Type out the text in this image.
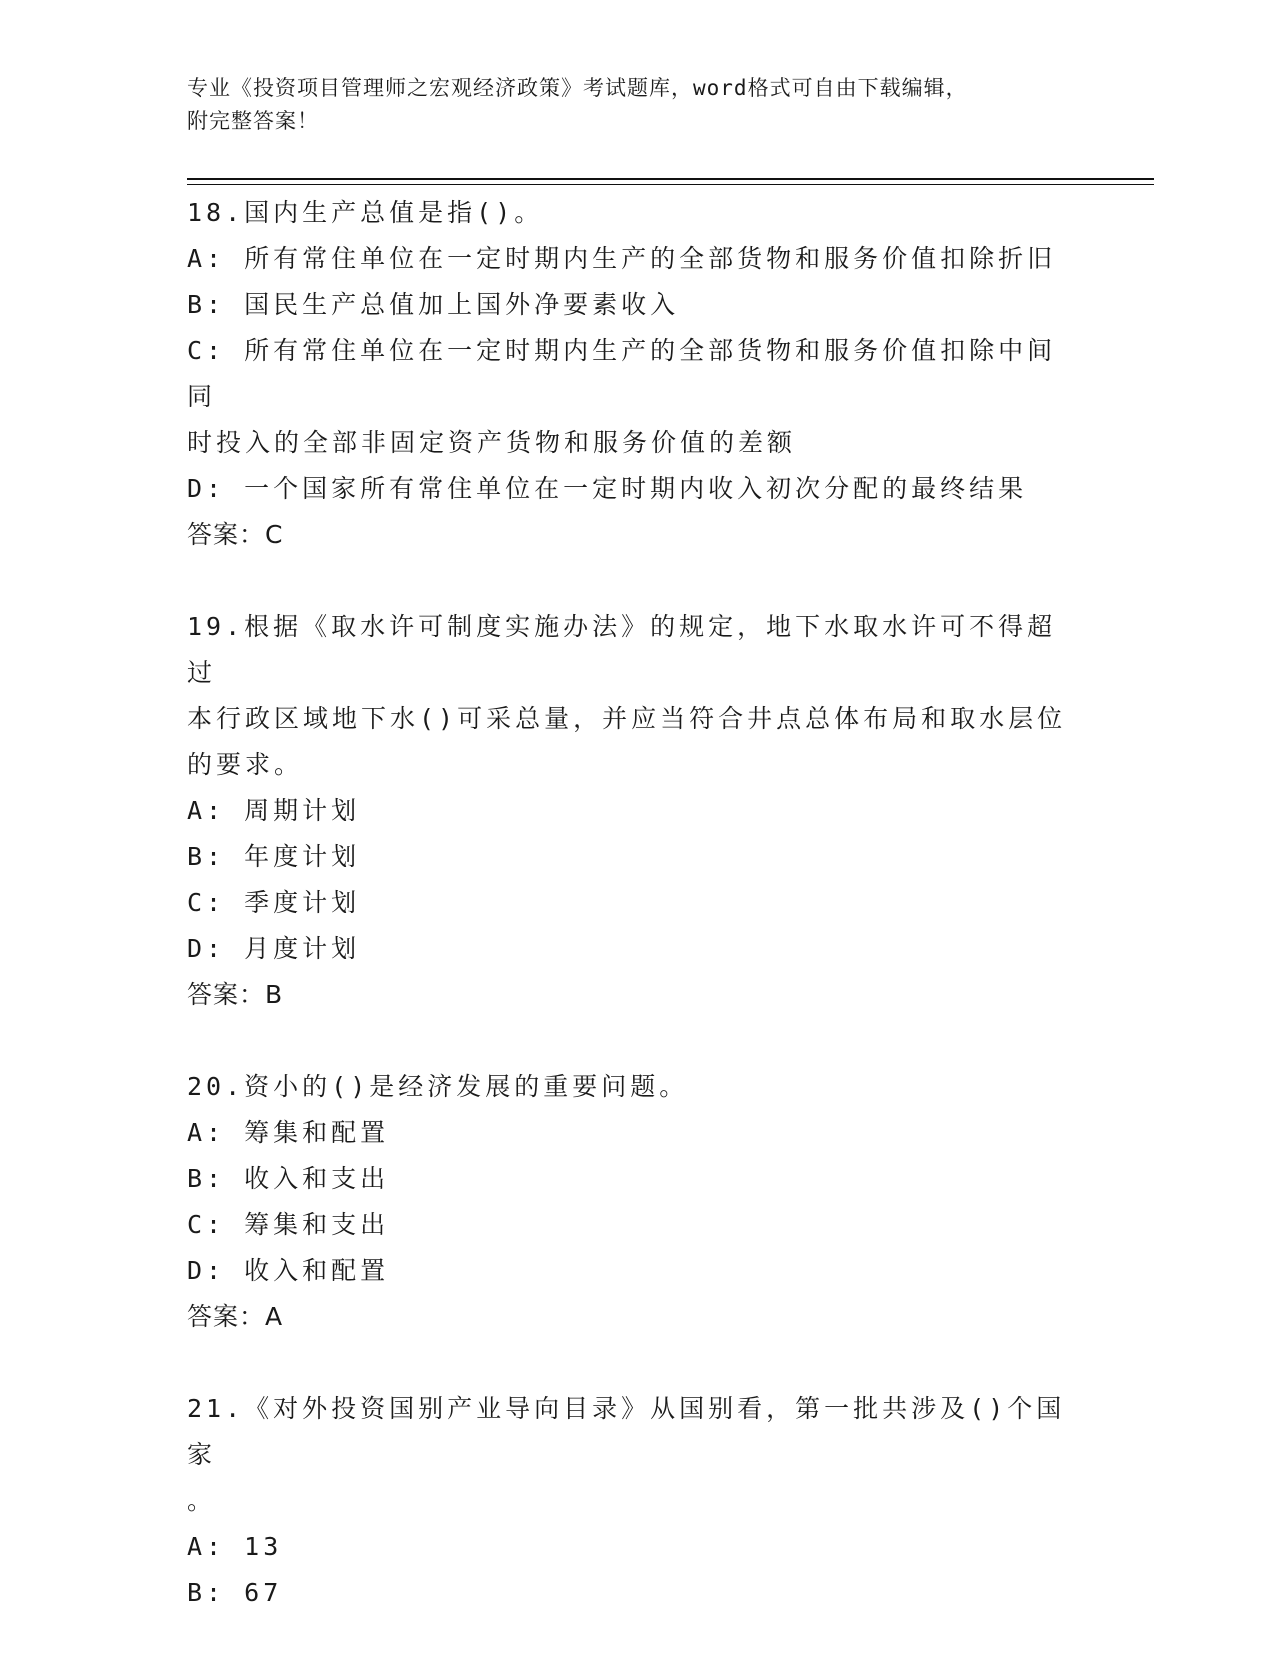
专业《投资项目管理师之宏观经济政策》考试题库，word格式可自由下载编辑，
附完整答案！
18.国内生产总值是指()。
A: 所有常住单位在一定时期内生产的全部货物和服务价值扣除折旧
B: 国民生产总值加上国外净要素收入
C: 所有常住单位在一定时期内生产的全部货物和服务价值扣除中间同
时投入的全部非固定资产货物和服务价值的差额
D: 一个国家所有常住单位在一定时期内收入初次分配的最终结果
答案：C
19.根据《取水许可制度实施办法》的规定，地下水取水许可不得超过
本行政区域地下水()可采总量，并应当符合井点总体布局和取水层位
的要求。
A: 周期计划
B: 年度计划
C: 季度计划
D: 月度计划
答案：B
20.资小的()是经济发展的重要问题。
A: 筹集和配置
B: 收入和支出
C: 筹集和支出
D: 收入和配置
答案：A
21.《对外投资国别产业导向目录》从国别看，第一批共涉及()个国家
。
A: 13
B: 67
